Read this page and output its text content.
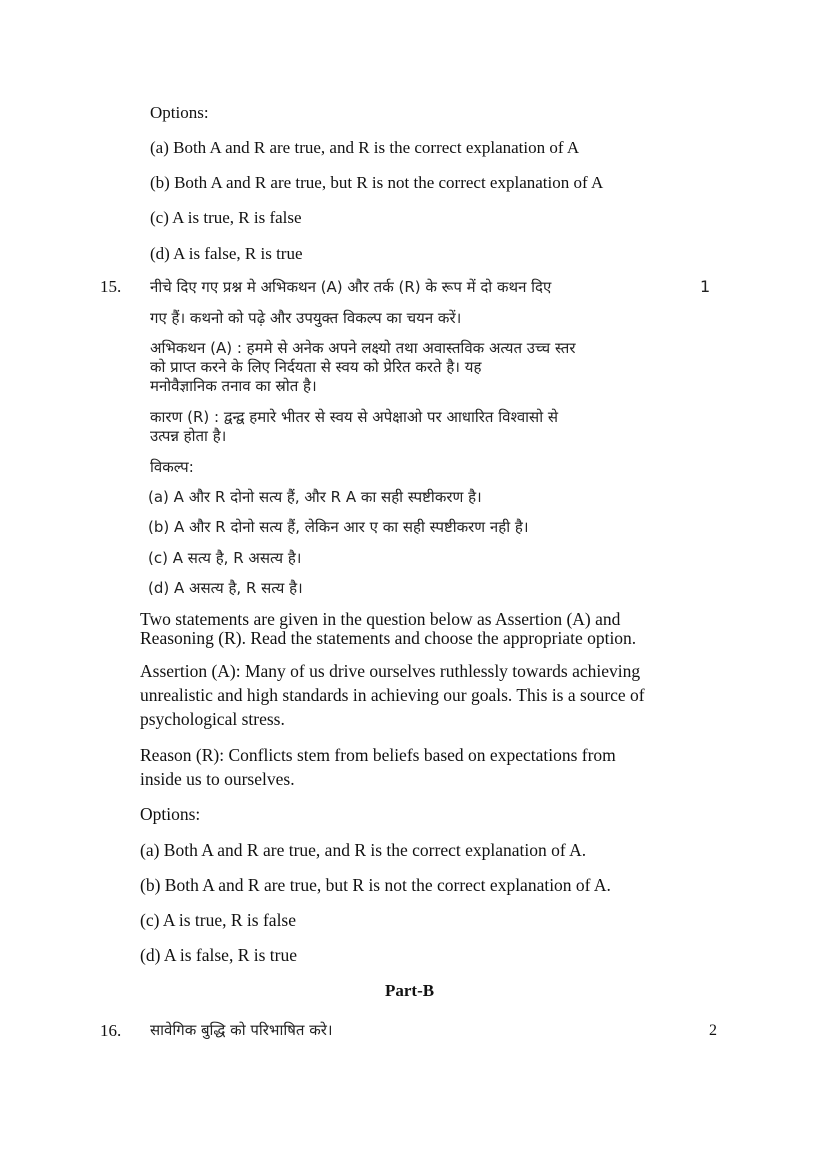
Options:
(a) Both A and R are true, and R is the correct explanation of A
(b) Both A and R are true, but R is not the correct explanation of A
(c) A is true, R is false
(d) A is false, R is true
15.	1
नीचे दिए गए प्रश्न मे अभिकथन (A) और तर्क (R) के रूप में दो कथन दिए
गए हैं। कथनो को पढ़े और उपयुक्त विकल्प का चयन करें।
अभिकथन (A) : हममे से अनेक अपने लक्ष्यो तथा अवास्तविक अत्यत उच्च स्तर
को प्राप्त करने के लिए निर्दयता से स्वय को प्रेरित करते है। यह
मनोवैज्ञानिक तनाव का स्रोत है।
कारण (R) : द्वन्द्व हमारे भीतर से स्वय से अपेक्षाओ पर आधारित विश्वासो से
उत्पन्न होता है।
विकल्प:
(a) A और R दोनो सत्य हैं, और R A का सही स्पष्टीकरण है।
(b) A और R दोनो सत्य हैं, लेकिन आर ए का सही स्पष्टीकरण नही है।
(c) A सत्य है, R असत्य है।
(d) A असत्य है, R सत्य है।
Two statements are given in the question below as Assertion (A) and
Reasoning (R). Read the statements and choose the appropriate option.
Assertion (A): Many of us drive ourselves ruthlessly towards achieving
unrealistic and high standards in achieving our goals. This is a source of
psychological stress.
Reason (R): Conflicts stem from beliefs based on expectations from
inside us to ourselves.
Options:
(a) Both A and R are true, and R is the correct explanation of A.
(b) Both A and R are true, but R is not the correct explanation of A.
(c) A is true, R is false
(d) A is false, R is true
Part-B
16. सावेगिक बुद्धि को परिभाषित करे।	2
